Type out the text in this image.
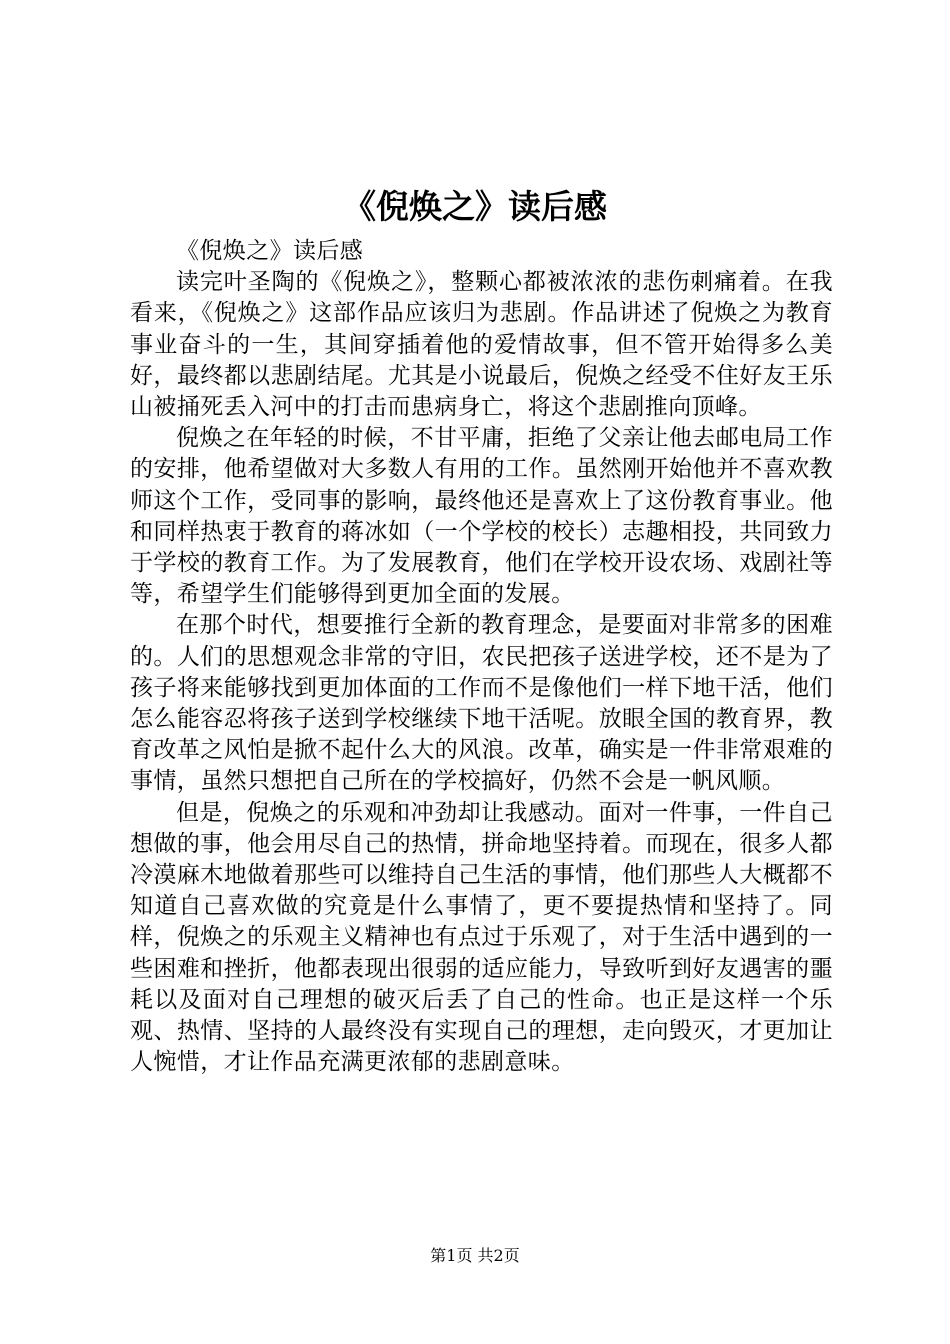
《倪焕之》读后感

《倪焕之》读后感

读完叶圣陶的《倪焕之》，整颗心都被浓浓的悲伤刺痛着。在我看来，《倪焕之》这部作品应该归为悲剧。作品讲述了倪焕之为教育事业奋斗的一生，其间穿插着他的爱情故事，但不管开始得多么美好，最终都以悲剧结尾。尤其是小说最后，倪焕之经受不住好友王乐山被捅死丢入河中的打击而患病身亡，将这个悲剧推向顶峰。

倪焕之在年轻的时候，不甘平庸，拒绝了父亲让他去邮电局工作的安排，他希望做对大多数人有用的工作。虽然刚开始他并不喜欢教师这个工作，受同事的影响，最终他还是喜欢上了这份教育事业。他和同样热衷于教育的蒋冰如（一个学校的校长）志趣相投，共同致力于学校的教育工作。为了发展教育，他们在学校开设农场、戏剧社等等，希望学生们能够得到更加全面的发展。

在那个时代，想要推行全新的教育理念，是要面对非常多的困难的。人们的思想观念非常的守旧，农民把孩子送进学校，还不是为了孩子将来能够找到更加体面的工作而不是像他们一样下地干活，他们怎么能容忍将孩子送到学校继续下地干活呢。放眼全国的教育界，教育改革之风怕是掀不起什么大的风浪。改革，确实是一件非常艰难的事情，虽然只想把自己所在的学校搞好，仍然不会是一帆风顺。

但是，倪焕之的乐观和冲劲却让我感动。面对一件事，一件自己想做的事，他会用尽自己的热情，拼命地坚持着。而现在，很多人都冷漠麻木地做着那些可以维持自己生活的事情，他们那些人大概都不知道自己喜欢做的究竟是什么事情了，更不要提热情和坚持了。同样，倪焕之的乐观主义精神也有点过于乐观了，对于生活中遇到的一些困难和挫折，他都表现出很弱的适应能力，导致听到好友遇害的噩耗以及面对自己理想的破灭后丢了自己的性命。也正是这样一个乐观、热情、坚持的人最终没有实现自己的理想，走向毁灭，才更加让人惋惜，才让作品充满更浓郁的悲剧意味。

第1页 共2页
